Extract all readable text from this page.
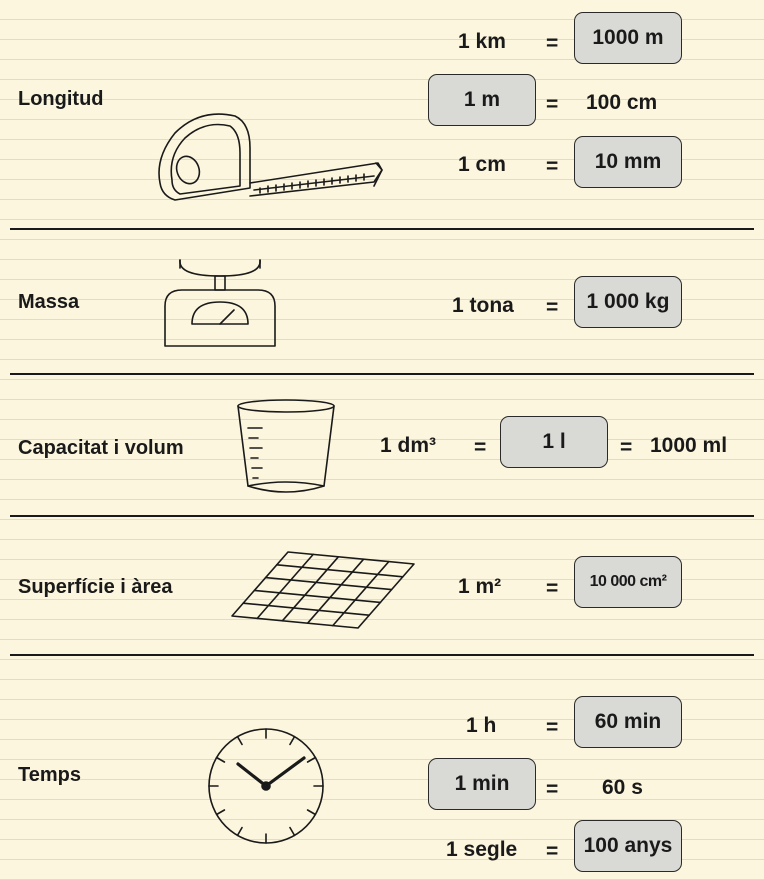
Longitud
1 km =	1000 m
1 m	= 100 cm
1 cm =	10 mm
Massa	1 tona =	1 000 kg
Capacitat i volum	1 dm³ =	1 l	= 1000 ml
Superfície i àrea	1 m² =	10 000 cm²
Temps
1 h =	60 min
1 min	= 60 s
1 segle =	100 anys
